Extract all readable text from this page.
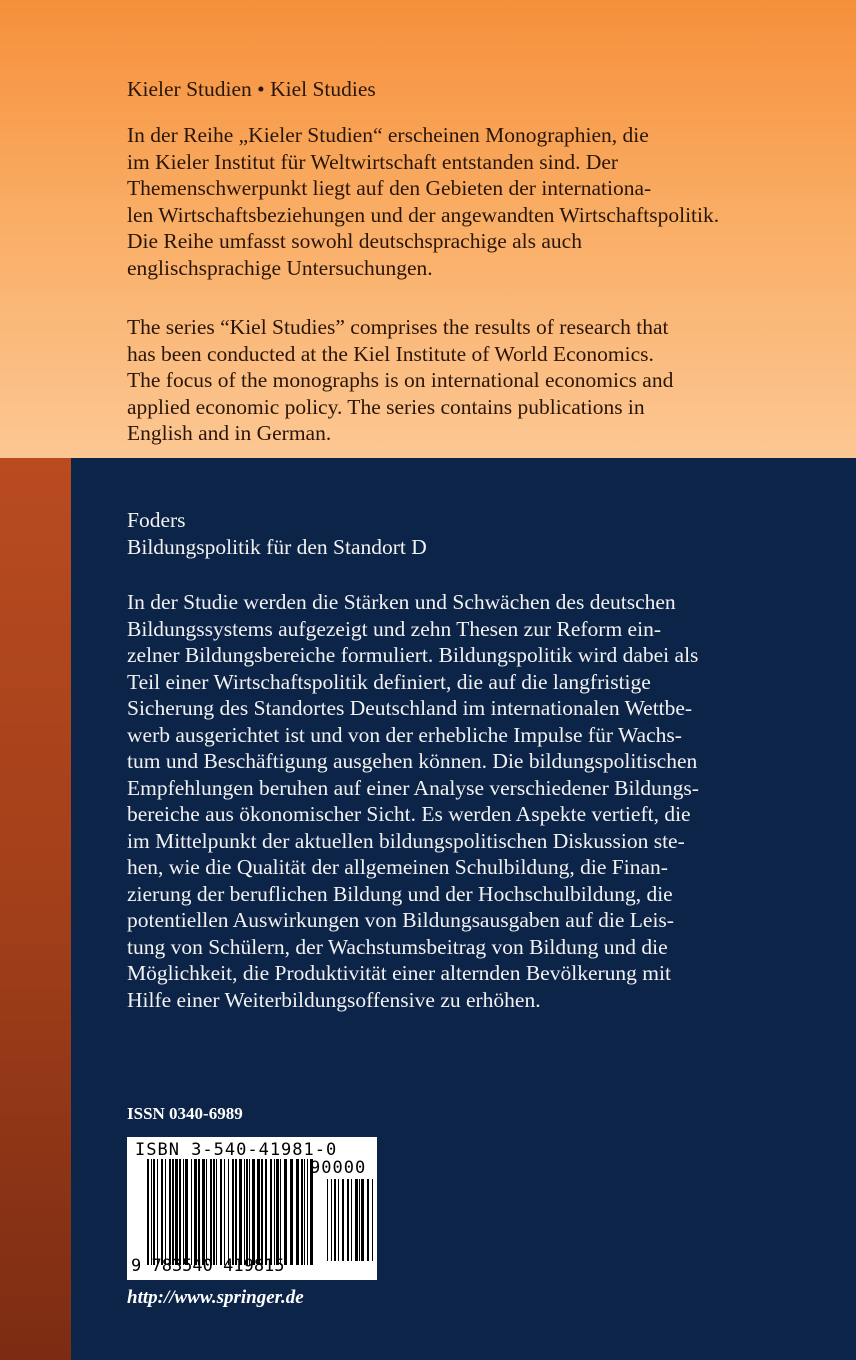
Kieler Studien • Kiel Studies
In der Reihe „Kieler Studien“ erscheinen Monographien, die
im Kieler Institut für Weltwirtschaft entstanden sind. Der
Themenschwerpunkt liegt auf den Gebieten der internationa-
len Wirtschaftsbeziehungen und der angewandten Wirtschaftspolitik.
Die Reihe umfasst sowohl deutschsprachige als auch
englischsprachige Untersuchungen.
The series “Kiel Studies” comprises the results of research that
has been conducted at the Kiel Institute of World Economics.
The focus of the monographs is on international economics and
applied economic policy. The series contains publications in
English and in German.
Foders
Bildungspolitik für den Standort D
In der Studie werden die Stärken und Schwächen des deutschen
Bildungssystems aufgezeigt und zehn Thesen zur Reform ein-
zelner Bildungsbereiche formuliert. Bildungspolitik wird dabei als
Teil einer Wirtschaftspolitik definiert, die auf die langfristige
Sicherung des Standortes Deutschland im internationalen Wettbe-
werb ausgerichtet ist und von der erhebliche Impulse für Wachs-
tum und Beschäftigung ausgehen können. Die bildungspolitischen
Empfehlungen beruhen auf einer Analyse verschiedener Bildungs-
bereiche aus ökonomischer Sicht. Es werden Aspekte vertieft, die
im Mittelpunkt der aktuellen bildungspolitischen Diskussion ste-
hen, wie die Qualität der allgemeinen Schulbildung, die Finan-
zierung der beruflichen Bildung und der Hochschulbildung, die
potentiellen Auswirkungen von Bildungsausgaben auf die Leis-
tung von Schülern, der Wachstumsbeitrag von Bildung und die
Möglichkeit, die Produktivität einer alternden Bevölkerung mit
Hilfe einer Weiterbildungsoffensive zu erhöhen.
ISSN 0340-6989
ISBN 3-540-41981-0
90000
9 783540 419815
http://www.springer.de
